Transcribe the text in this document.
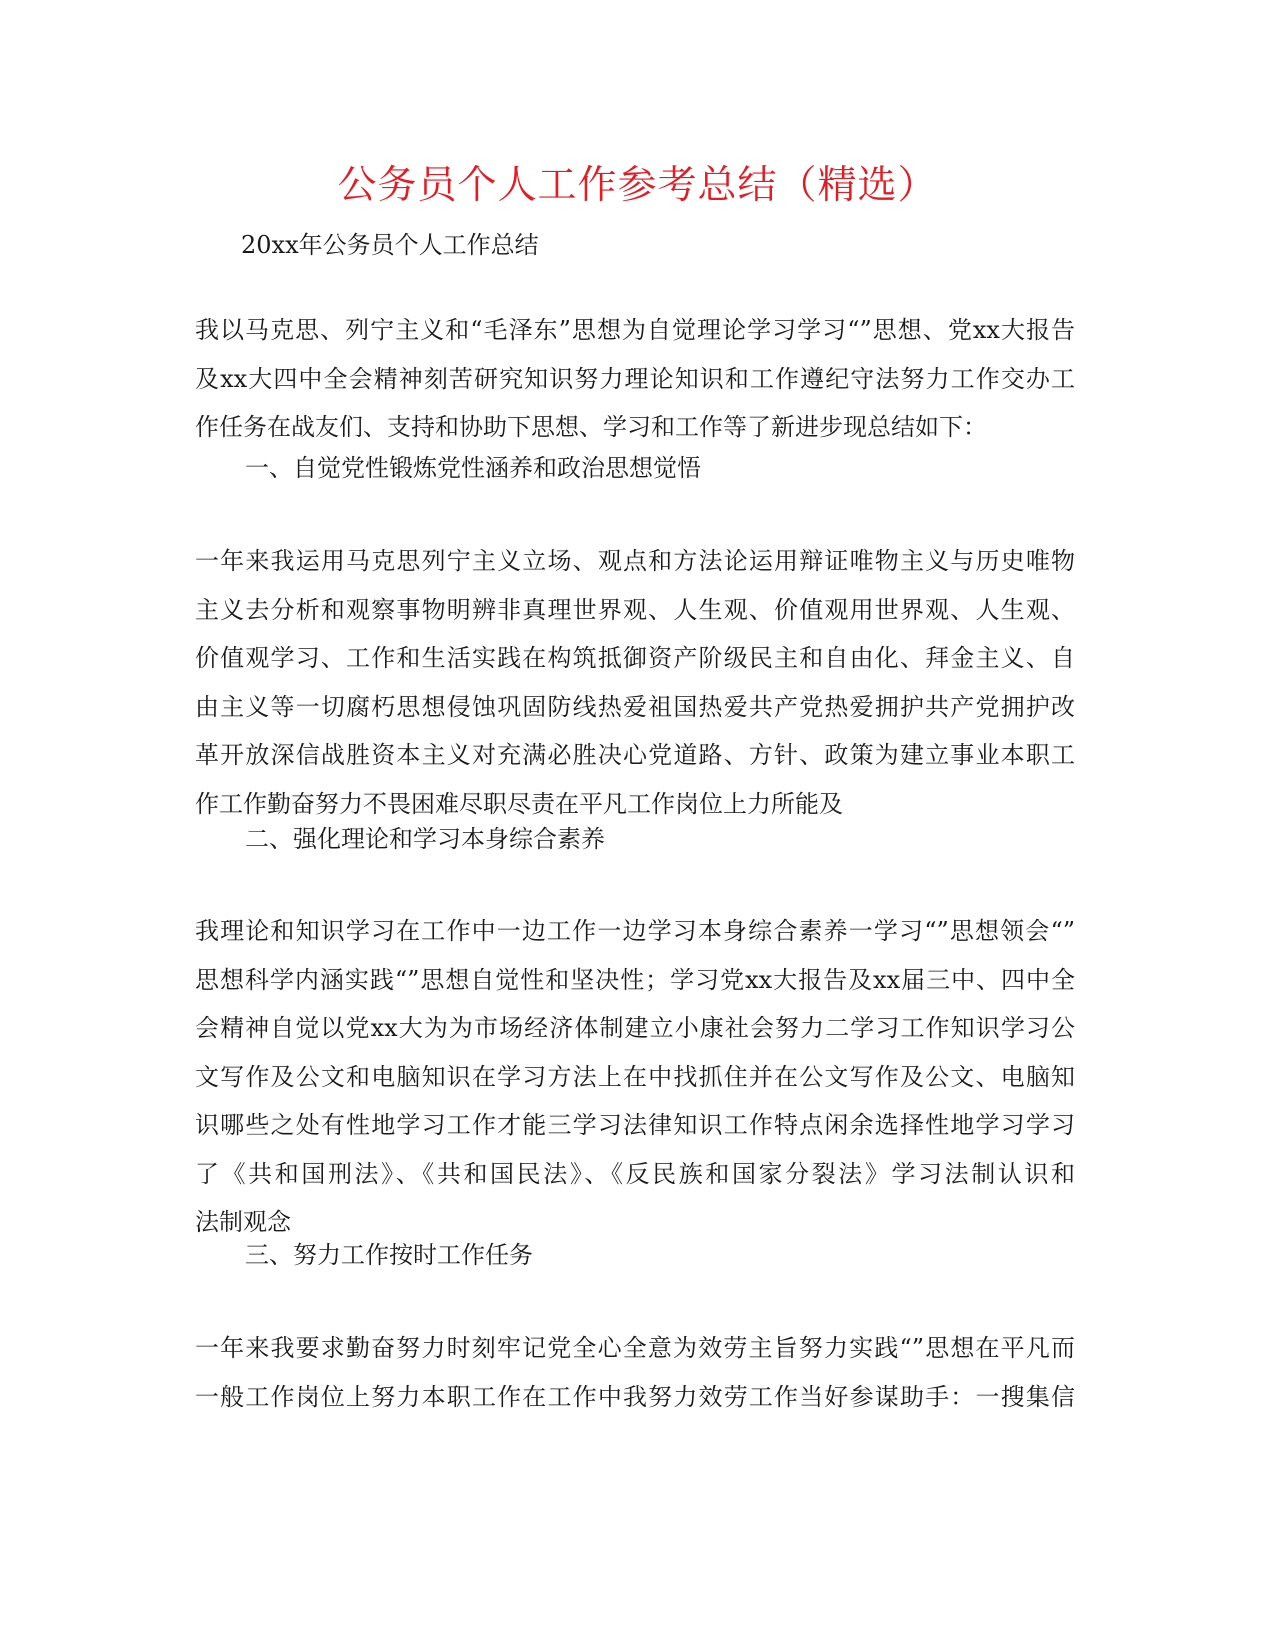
公务员个人工作参考总结（精选）
20xx年公务员个人工作总结
我以马克思、列宁主义和“毛泽东”思想为自觉理论学习学习“”思想、党xx大报告
及xx大四中全会精神刻苦研究知识努力理论知识和工作遵纪守法努力工作交办工
作任务在战友们、支持和协助下思想、学习和工作等了新进步现总结如下：
一、自觉党性锻炼党性涵养和政治思想觉悟
一年来我运用马克思列宁主义立场、观点和方法论运用辩证唯物主义与历史唯物
主义去分析和观察事物明辨非真理世界观、人生观、价值观用世界观、人生观、
价值观学习、工作和生活实践在构筑抵御资产阶级民主和自由化、拜金主义、自
由主义等一切腐朽思想侵蚀巩固防线热爱祖国热爱共产党热爱拥护共产党拥护改
革开放深信战胜资本主义对充满必胜决心党道路、方针、政策为建立事业本职工
作工作勤奋努力不畏困难尽职尽责在平凡工作岗位上力所能及
二、强化理论和学习本身综合素养
我理论和知识学习在工作中一边工作一边学习本身综合素养一学习“”思想领会“”
思想科学内涵实践“”思想自觉性和坚决性；学习党xx大报告及xx届三中、四中全
会精神自觉以党xx大为为市场经济体制建立小康社会努力二学习工作知识学习公
文写作及公文和电脑知识在学习方法上在中找抓住并在公文写作及公文、电脑知
识哪些之处有性地学习工作才能三学习法律知识工作特点闲余选择性地学习学习
了《共和国刑法》、《共和国民法》、《反民族和国家分裂法》学习法制认识和
法制观念
三、努力工作按时工作任务
一年来我要求勤奋努力时刻牢记党全心全意为效劳主旨努力实践“”思想在平凡而
一般工作岗位上努力本职工作在工作中我努力效劳工作当好参谋助手：一搜集信
